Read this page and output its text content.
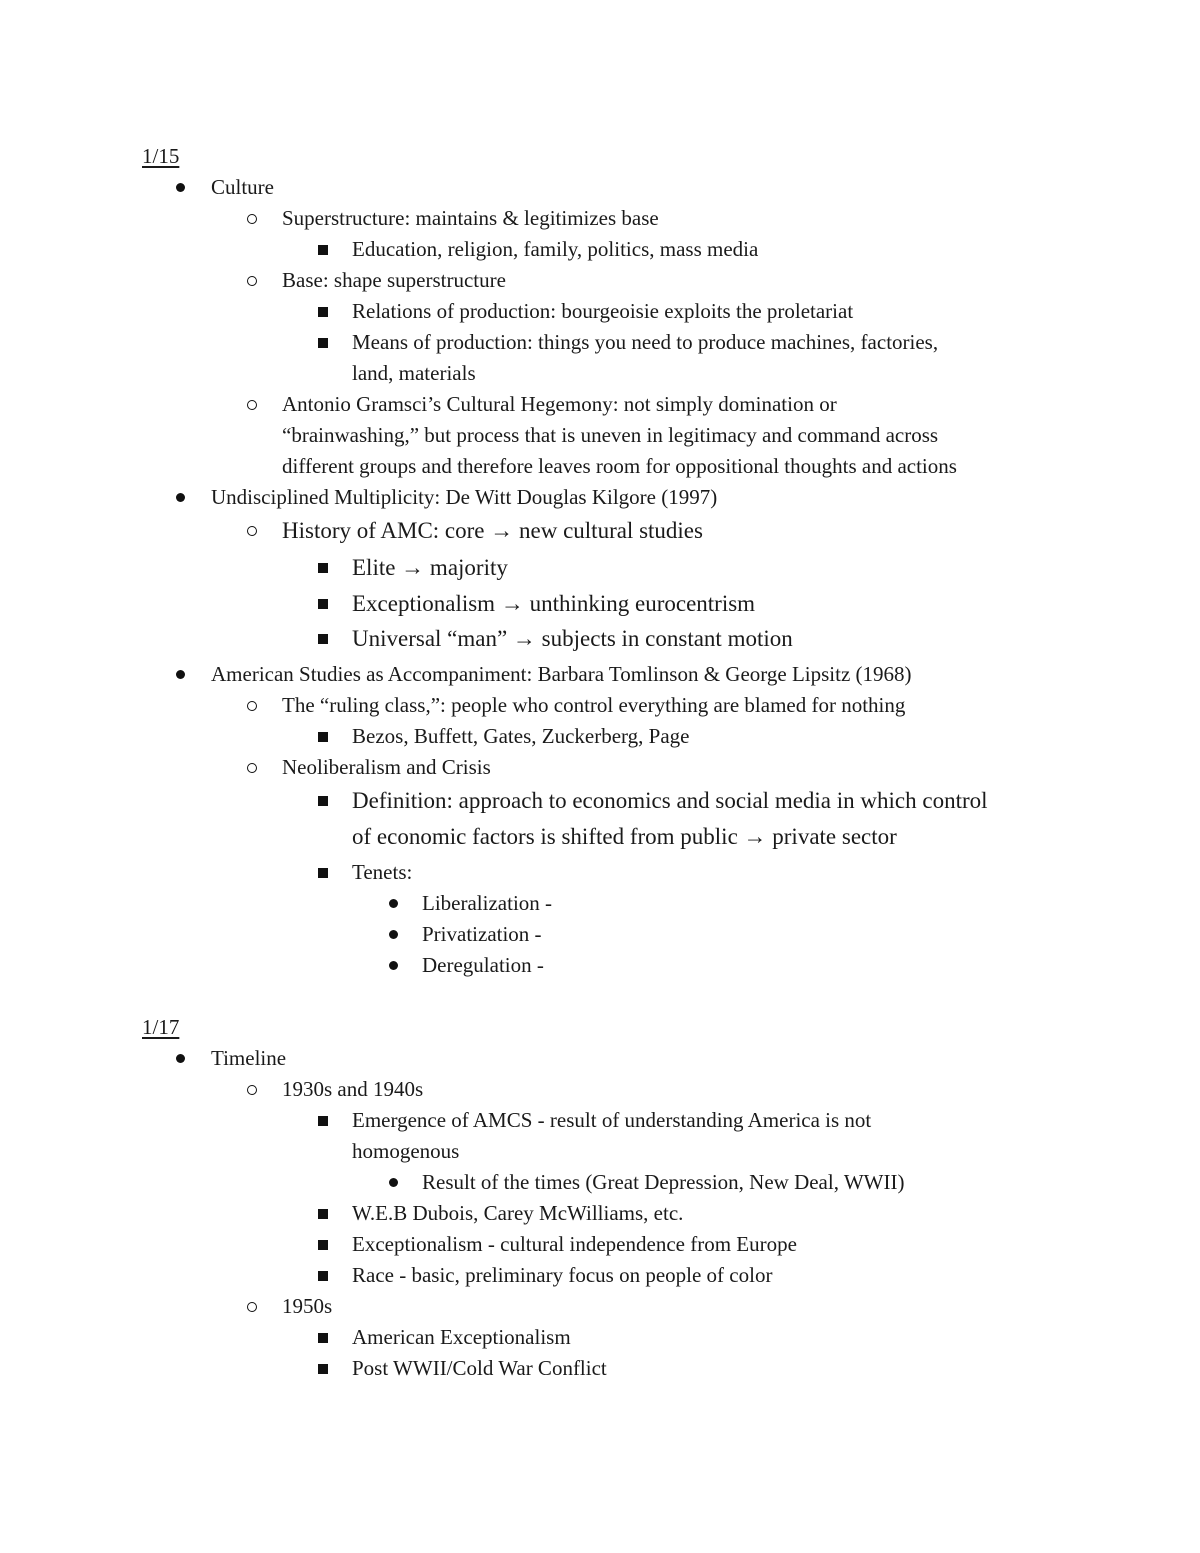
1/15
Culture
Superstructure: maintains & legitimizes base
Education, religion, family, politics, mass media
Base: shape superstructure
Relations of production: bourgeoisie exploits the proletariat
Means of production: things you need to produce machines, factories,
land, materials
Antonio Gramsci’s Cultural Hegemony: not simply domination or
“brainwashing,” but process that is uneven in legitimacy and command across
different groups and therefore leaves room for oppositional thoughts and actions
Undisciplined Multiplicity: De Witt Douglas Kilgore (1997)
History of AMC: core → new cultural studies
Elite → majority
Exceptionalism → unthinking eurocentrism
Universal “man” → subjects in constant motion
American Studies as Accompaniment: Barbara Tomlinson & George Lipsitz (1968)
The “ruling class,”: people who control everything are blamed for nothing
Bezos, Buffett, Gates, Zuckerberg, Page
Neoliberalism and Crisis
Definition: approach to economics and social media in which control
of economic factors is shifted from public → private sector
Tenets:
Liberalization -
Privatization -
Deregulation -
1/17
Timeline
1930s and 1940s
Emergence of AMCS - result of understanding America is not
homogenous
Result of the times (Great Depression, New Deal, WWII)
W.E.B Dubois, Carey McWilliams, etc.
Exceptionalism - cultural independence from Europe
Race - basic, preliminary focus on people of color
1950s
American Exceptionalism
Post WWII/Cold War Conflict
